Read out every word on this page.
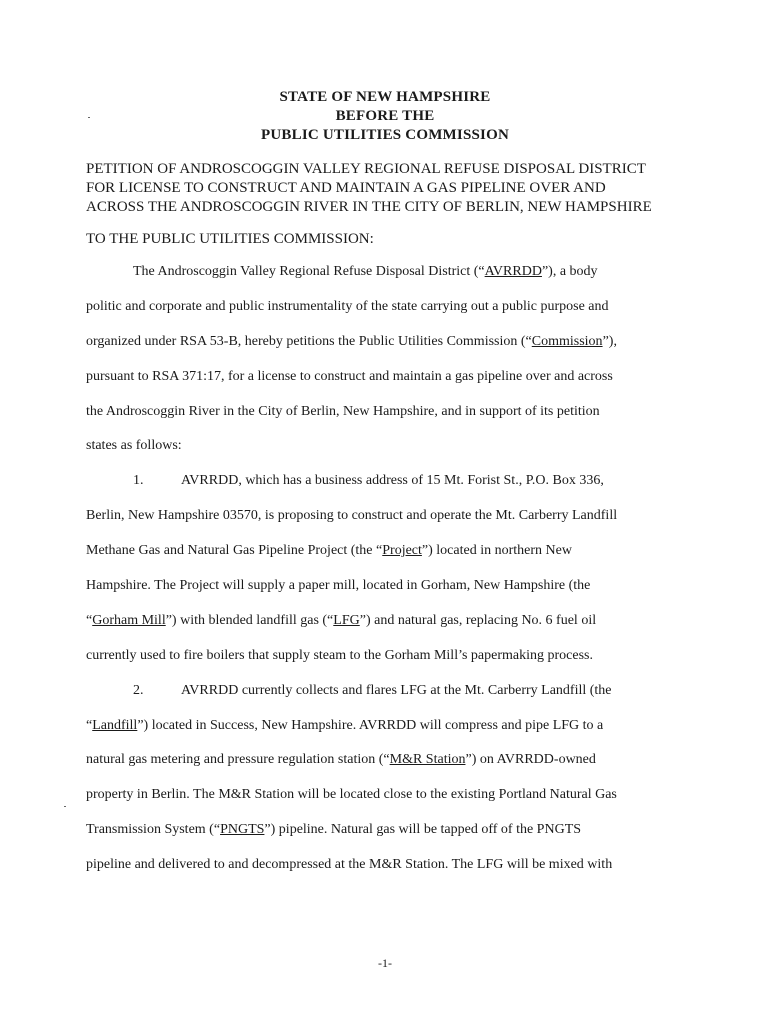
STATE OF NEW HAMPSHIRE
BEFORE THE
PUBLIC UTILITIES COMMISSION
PETITION OF ANDROSCOGGIN VALLEY REGIONAL REFUSE DISPOSAL DISTRICT
FOR LICENSE TO CONSTRUCT AND MAINTAIN A GAS PIPELINE OVER AND
ACROSS THE ANDROSCOGGIN RIVER IN THE CITY OF BERLIN, NEW HAMPSHIRE
TO THE PUBLIC UTILITIES COMMISSION:
The Androscoggin Valley Regional Refuse Disposal District (“AVRRDD”), a body
politic and corporate and public instrumentality of the state carrying out a public purpose and
organized under RSA 53-B, hereby petitions the Public Utilities Commission (“Commission”),
pursuant to RSA 371:17, for a license to construct and maintain a gas pipeline over and across
the Androscoggin River in the City of Berlin, New Hampshire, and in support of its petition
states as follows:
1.	AVRRDD, which has a business address of 15 Mt. Forist St., P.O. Box 336,
Berlin, New Hampshire 03570, is proposing to construct and operate the Mt. Carberry Landfill
Methane Gas and Natural Gas Pipeline Project (the “Project”) located in northern New
Hampshire. The Project will supply a paper mill, located in Gorham, New Hampshire (the
“Gorham Mill”) with blended landfill gas (“LFG”) and natural gas, replacing No. 6 fuel oil
currently used to fire boilers that supply steam to the Gorham Mill’s papermaking process.
2.	AVRRDD currently collects and flares LFG at the Mt. Carberry Landfill (the
“Landfill”) located in Success, New Hampshire. AVRRDD will compress and pipe LFG to a
natural gas metering and pressure regulation station (“M&R Station”) on AVRRDD-owned
property in Berlin. The M&R Station will be located close to the existing Portland Natural Gas
Transmission System (“PNGTS”) pipeline. Natural gas will be tapped off of the PNGTS
pipeline and delivered to and decompressed at the M&R Station. The LFG will be mixed with
-1-
